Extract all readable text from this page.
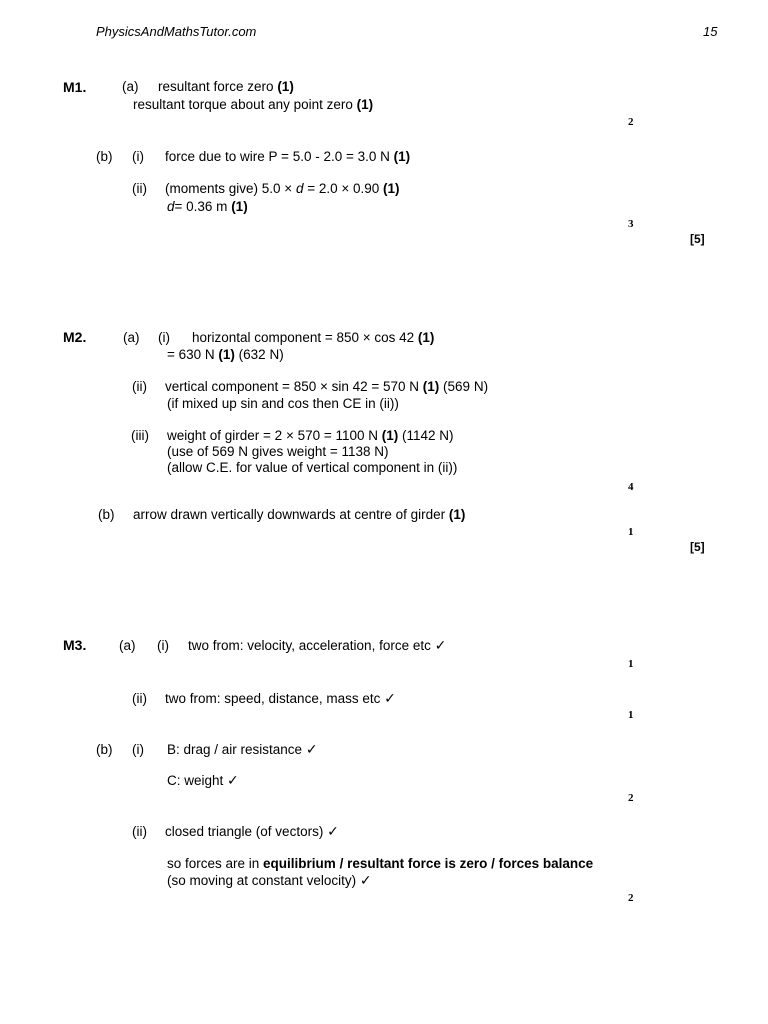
PhysicsAndMathsTutor.com	15
M1.	(a) resultant force zero (1)
resultant torque about any point zero (1)
2
(b) (i) force due to wire P = 5.0 - 2.0 = 3.0 N (1)
(ii) (moments give) 5.0 × d = 2.0 × 0.90 (1)
d= 0.36 m (1)
3
[5]
M2.	(a) (i) horizontal component = 850 × cos 42 (1)
= 630 N (1) (632 N)
(ii) vertical component = 850 × sin 42 = 570 N (1) (569 N)
(if mixed up sin and cos then CE in (ii))
(iii) weight of girder = 2 × 570 = 1100 N (1) (1142 N)
(use of 569 N gives weight = 1138 N)
(allow C.E. for value of vertical component in (ii))
4
(b) arrow drawn vertically downwards at centre of girder (1)
1
[5]
M3. (a) (i) two from: velocity, acceleration, force etc ✓
1
(ii) two from: speed, distance, mass etc ✓
1
(b) (i) B: drag / air resistance ✓
C: weight ✓
2
(ii) closed triangle (of vectors) ✓
so forces are in equilibrium / resultant force is zero / forces balance
(so moving at constant velocity) ✓
2
